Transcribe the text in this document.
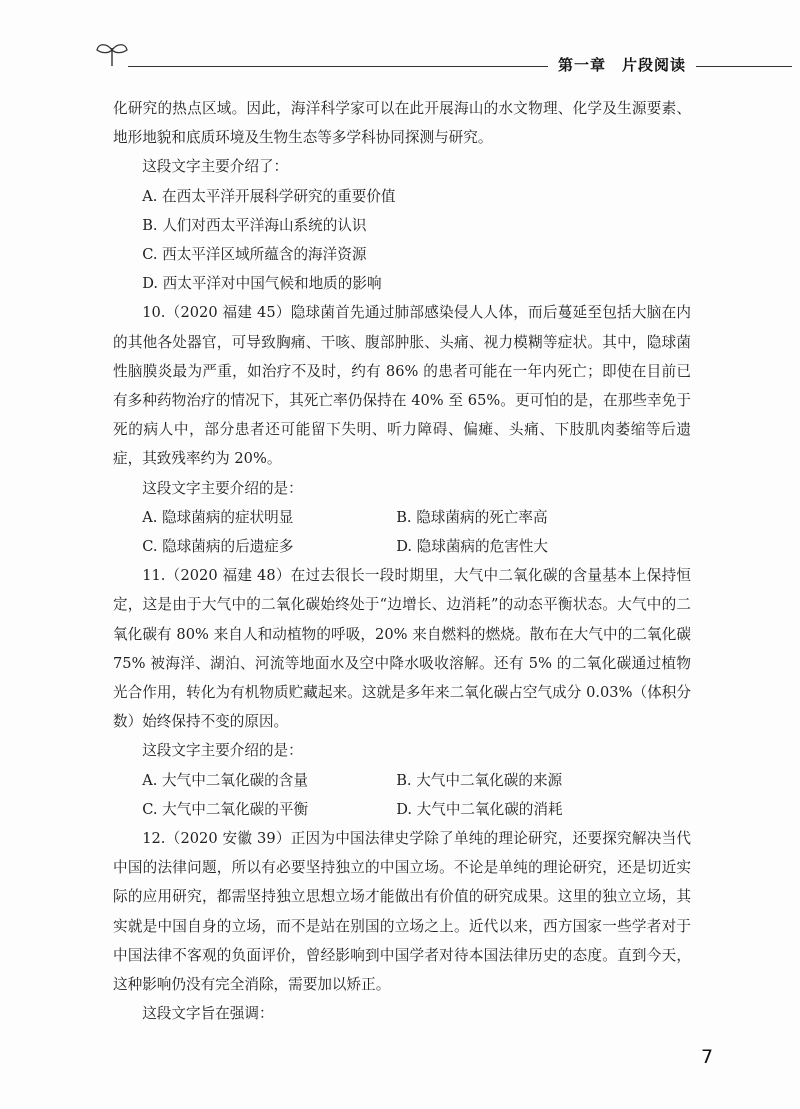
第一章　片段阅读

化研究的热点区域。因此，海洋科学家可以在此开展海山的水文物理、化学及生源要素、地形地貌和底质环境及生物生态等多学科协同探测与研究。

这段文字主要介绍了：

A. 在西太平洋开展科学研究的重要价值

B. 人们对西太平洋海山系统的认识

C. 西太平洋区域所蕴含的海洋资源

D. 西太平洋对中国气候和地质的影响

10.（2020 福建 45）隐球菌首先通过肺部感染侵人人体，而后蔓延至包括大脑在内的其他各处器官，可导致胸痛、干咳、腹部肿胀、头痛、视力模糊等症状。其中，隐球菌性脑膜炎最为严重，如治疗不及时，约有 86% 的患者可能在一年内死亡；即使在目前已有多种药物治疗的情况下，其死亡率仍保持在 40% 至 65%。更可怕的是，在那些幸免于死的病人中，部分患者还可能留下失明、听力障碍、偏瘫、头痛、下肢肌肉萎缩等后遗症，其致残率约为 20%。

这段文字主要介绍的是：

A. 隐球菌病的症状明显	B. 隐球菌病的死亡率高
C. 隐球菌病的后遗症多	D. 隐球菌病的危害性大

11.（2020 福建 48）在过去很长一段时期里，大气中二氧化碳的含量基本上保持恒定，这是由于大气中的二氧化碳始终处于“边增长、边消耗”的动态平衡状态。大气中的二氧化碳有 80% 来自人和动植物的呼吸，20% 来自燃料的燃烧。散布在大气中的二氧化碳 75% 被海洋、湖泊、河流等地面水及空中降水吸收溶解。还有 5% 的二氧化碳通过植物光合作用，转化为有机物质贮藏起来。这就是多年来二氧化碳占空气成分 0.03%（体积分数）始终保持不变的原因。

这段文字主要介绍的是：

A. 大气中二氧化碳的含量	B. 大气中二氧化碳的来源
C. 大气中二氧化碳的平衡	D. 大气中二氧化碳的消耗

12.（2020 安徽 39）正因为中国法律史学除了单纯的理论研究，还要探究解决当代中国的法律问题，所以有必要坚持独立的中国立场。不论是单纯的理论研究，还是切近实际的应用研究，都需坚持独立思想立场才能做出有价值的研究成果。这里的独立立场，其实就是中国自身的立场，而不是站在别国的立场之上。近代以来，西方国家一些学者对于中国法律不客观的负面评价，曾经影响到中国学者对待本国法律历史的态度。直到今天，这种影响仍没有完全消除，需要加以矫正。

这段文字旨在强调：

7
